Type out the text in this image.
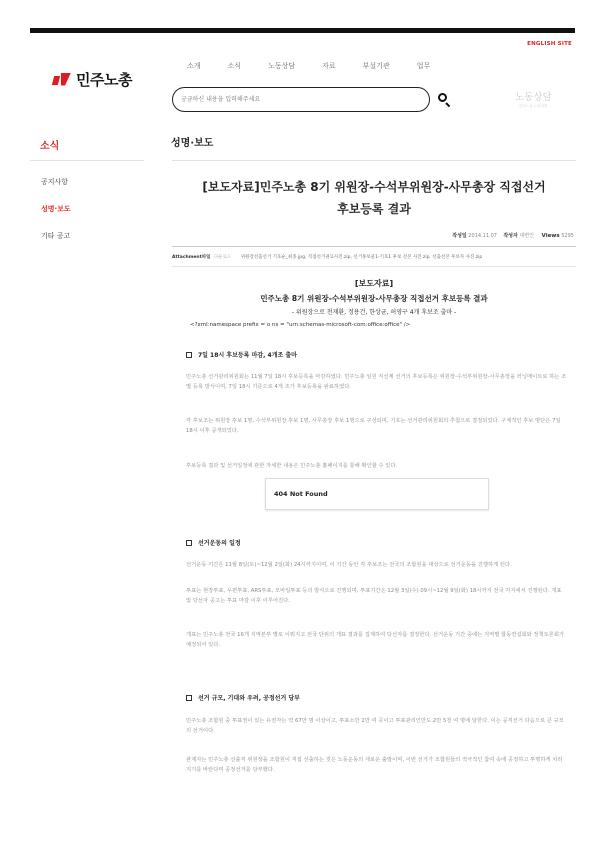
ENGLISH SITE
민주노총
소개	소식	노동상담	자료	부설기관	업무
궁금하신 내용을 입력해주세요
노동상담
민주노총 노동상담
소식	성명·보도
공지사항
성명·보도
기타 공고
[보도자료]민주노총 8기 위원장-수석부위원장-사무총장 직접선거
후보등록 결과
작성일 2014.11.07 작성자 대변인 Views 5295
Attachment파일 다운로드 위원장선출선거 기호순_최종.jpg, 직접선거권료사진.zip, 선거홍보물1-기호1 후보 선본 사진.zip, 선출선본 후보자 사진.zip
[보도자료]
민주노총 8기 위원장-수석부위원장-사무총장 직접선거 후보등록 결과
- 위원장으로 전재환, 정용건, 한상균, 허영구 4개 후보조 출마 -
<?xml:namespace prefix = o ns = "urn:schemas-microsoft-com:office:office" />
7일 18시 후보등록 마감, 4개조 출마
민주노총 선거관리위원회는 11월 7일 18시 후보등록을 마감하였다. 민주노총 임원 직선제 선거의 후보등록은 위원장-수석부위원장-사무총장을 러닝메이트로 하는 조별 등록 방식이며, 7일 18시 기준으로 4개 조가 후보등록을 완료하였다.
각 후보조는 위원장 후보 1명, 수석부위원장 후보 1명, 사무총장 후보 1명으로 구성되며, 기호는 선거관리위원회의 추첨으로 결정되었다. 구체적인 후보 명단은 7일 18시 이후 공개되었다.
후보등록 결과 및 선거일정에 관한 자세한 내용은 민주노총 홈페이지를 통해 확인할 수 있다.
404 Not Found
선거운동의 일정
선거운동 기간은 11월 8일(토)~12월 2일(화) 24시까지이며, 이 기간 동안 각 후보조는 전국의 조합원을 대상으로 선거운동을 진행하게 된다.
투표는 현장투표, 우편투표, ARS투표, 모바일투표 등의 방식으로 진행되며, 투표기간은 12월 3일(수) 09시~12월 9일(화) 18시까지 전국 각지에서 진행된다. 개표 및 당선자 공고는 투표 마감 이후 이루어진다.
개표는 민주노총 전국 16개 지역본부 별로 이뤄지고 전국 단위의 개표 결과를 집계하여 당선자를 결정한다. 선거운동 기간 중에는 지역별 합동연설회와 정책토론회가 예정되어 있다.
선거 규모, 기대와 우려, 공정선거 당부
민주노총 조합원 중 투표권이 있는 유권자는 약 67만 명 이상이고, 투표소만 2만 여 곳이고 투표관리인만도 2만 5천 여 명에 달한다. 이는 공직선거 다음으로 큰 규모의 선거이다.
관계자는 민주노총 선출직 위원장을 조합원이 직접 선출하는 것은 노동운동의 새로운 출발이며, 이번 선거가 조합원들의 적극적인 참여 속에 공정하고 투명하게 치러지기를 바란다며 공정선거를 당부했다.
